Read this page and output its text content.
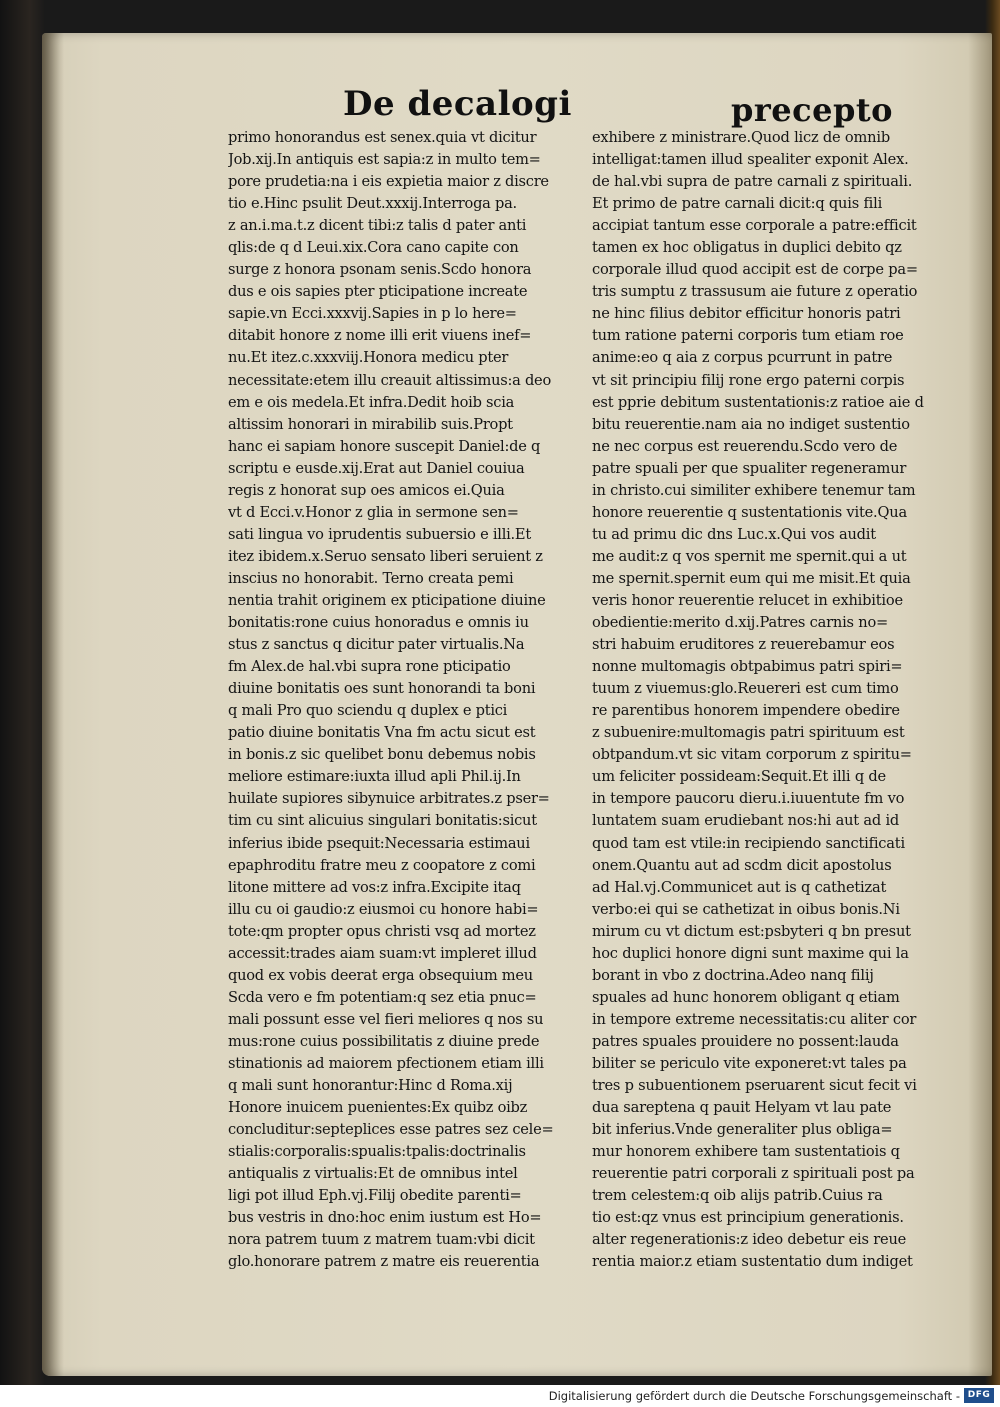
De decalogi	precepto
primo honorandus est senex.quia vt dicitur
Job.xij.In antiquis est sapia:z in multo tem=
pore prudetia:na i eis expietia maior z discre
tio e.Hinc psulit Deut.xxxij.Interroga pa.
z an.i.ma.t.z dicent tibi:z talis d pater anti
qlis:de q d Leui.xix.Cora cano capite con
surge z honora psonam senis.Scdo honora
dus e ois sapies pter pticipatione increate
sapie.vn Ecci.xxxvij.Sapies in p lo here=
ditabit honore z nome illi erit viuens inef=
nu.Et itez.c.xxxviij.Honora medicu pter
necessitate:etem illu creauit altissimus:a deo
em e ois medela.Et infra.Dedit hoib scia
altissim honorari in mirabilib suis.Propt
hanc ei sapiam honore suscepit Daniel:de q
scriptu e eusde.xij.Erat aut Daniel couiua
regis z honorat sup oes amicos ei.Quia
vt d Ecci.v.Honor z glia in sermone sen=
sati lingua vo iprudentis subuersio e illi.Et
itez ibidem.x.Seruo sensato liberi seruient z
inscius no honorabit. Terno creata pemi
nentia trahit originem ex pticipatione diuine
bonitatis:rone cuius honoradus e omnis iu
stus z sanctus q dicitur pater virtualis.Na
fm Alex.de hal.vbi supra rone pticipatio
diuine bonitatis oes sunt honorandi ta boni
q mali Pro quo sciendu q duplex e ptici
patio diuine bonitatis Vna fm actu sicut est
in bonis.z sic quelibet bonu debemus nobis
meliore estimare:iuxta illud apli Phil.ij.In
huilate supiores sibynuice arbitrates.z pser=
tim cu sint alicuius singulari bonitatis:sicut
inferius ibide psequit:Necessaria estimaui
epaphroditu fratre meu z coopatore z comi
litone mittere ad vos:z infra.Excipite itaq
illu cu oi gaudio:z eiusmoi cu honore habi=
tote:qm propter opus christi vsq ad mortez
accessit:trades aiam suam:vt impleret illud
quod ex vobis deerat erga obsequium meu
Scda vero e fm potentiam:q sez etia pnuc=
mali possunt esse vel fieri meliores q nos su
mus:rone cuius possibilitatis z diuine prede
stinationis ad maiorem pfectionem etiam illi
q mali sunt honorantur:Hinc d Roma.xij
Honore inuicem puenientes:Ex quibz oibz
concluditur:septeplices esse patres sez cele=
stialis:corporalis:spualis:tpalis:doctrinalis
antiqualis z virtualis:Et de omnibus intel
ligi pot illud Eph.vj.Filij obedite parenti=
bus vestris in dno:hoc enim iustum est Ho=
nora patrem tuum z matrem tuam:vbi dicit
glo.honorare patrem z matre eis reuerentia
exhibere z ministrare.Quod licz de omnib
intelligat:tamen illud spealiter exponit Alex.
de hal.vbi supra de patre carnali z spirituali.
Et primo de patre carnali dicit:q quis fili
accipiat tantum esse corporale a patre:efficit
tamen ex hoc obligatus in duplici debito qz
corporale illud quod accipit est de corpe pa=
tris sumptu z trassusum aie future z operatio
ne hinc filius debitor efficitur honoris patri
tum ratione paterni corporis tum etiam roe
anime:eo q aia z corpus pcurrunt in patre
vt sit principiu filij rone ergo paterni corpis
est pprie debitum sustentationis:z ratioe aie d
bitu reuerentie.nam aia no indiget sustentio
ne nec corpus est reuerendu.Scdo vero de
patre spuali per que spualiter regeneramur
in christo.cui similiter exhibere tenemur tam
honore reuerentie q sustentationis vite.Qua
tu ad primu dic dns Luc.x.Qui vos audit
me audit:z q vos spernit me spernit.qui a ut
me spernit.spernit eum qui me misit.Et quia
veris honor reuerentie relucet in exhibitioe
obedientie:merito d.xij.Patres carnis no=
stri habuim eruditores z reuerebamur eos
nonne multomagis obtpabimus patri spiri=
tuum z viuemus:glo.Reuereri est cum timo
re parentibus honorem impendere obedire
z subuenire:multomagis patri spirituum est
obtpandum.vt sic vitam corporum z spiritu=
um feliciter possideam:Sequit.Et illi q de
in tempore paucoru dieru.i.iuuentute fm vo
luntatem suam erudiebant nos:hi aut ad id
quod tam est vtile:in recipiendo sanctificati
onem.Quantu aut ad scdm dicit apostolus
ad Hal.vj.Communicet aut is q cathetizat
verbo:ei qui se cathetizat in oibus bonis.Ni
mirum cu vt dictum est:psbyteri q bn presut
hoc duplici honore digni sunt maxime qui la
borant in vbo z doctrina.Adeo nanq filij
spuales ad hunc honorem obligant q etiam
in tempore extreme necessitatis:cu aliter cor
patres spuales prouidere no possent:lauda
biliter se periculo vite exponeret:vt tales pa
tres p subuentionem pseruarent sicut fecit vi
dua sareptena q pauit Helyam vt lau pate
bit inferius.Vnde generaliter plus obliga=
mur honorem exhibere tam sustentatiois q
reuerentie patri corporali z spirituali post pa
trem celestem:q oib alijs patrib.Cuius ra
tio est:qz vnus est principium generationis.
alter regenerationis:z ideo debetur eis reue
rentia maior.z etiam sustentatio dum indiget
Digitalisierung gefördert durch die Deutsche Forschungsgemeinschaft - DFG
